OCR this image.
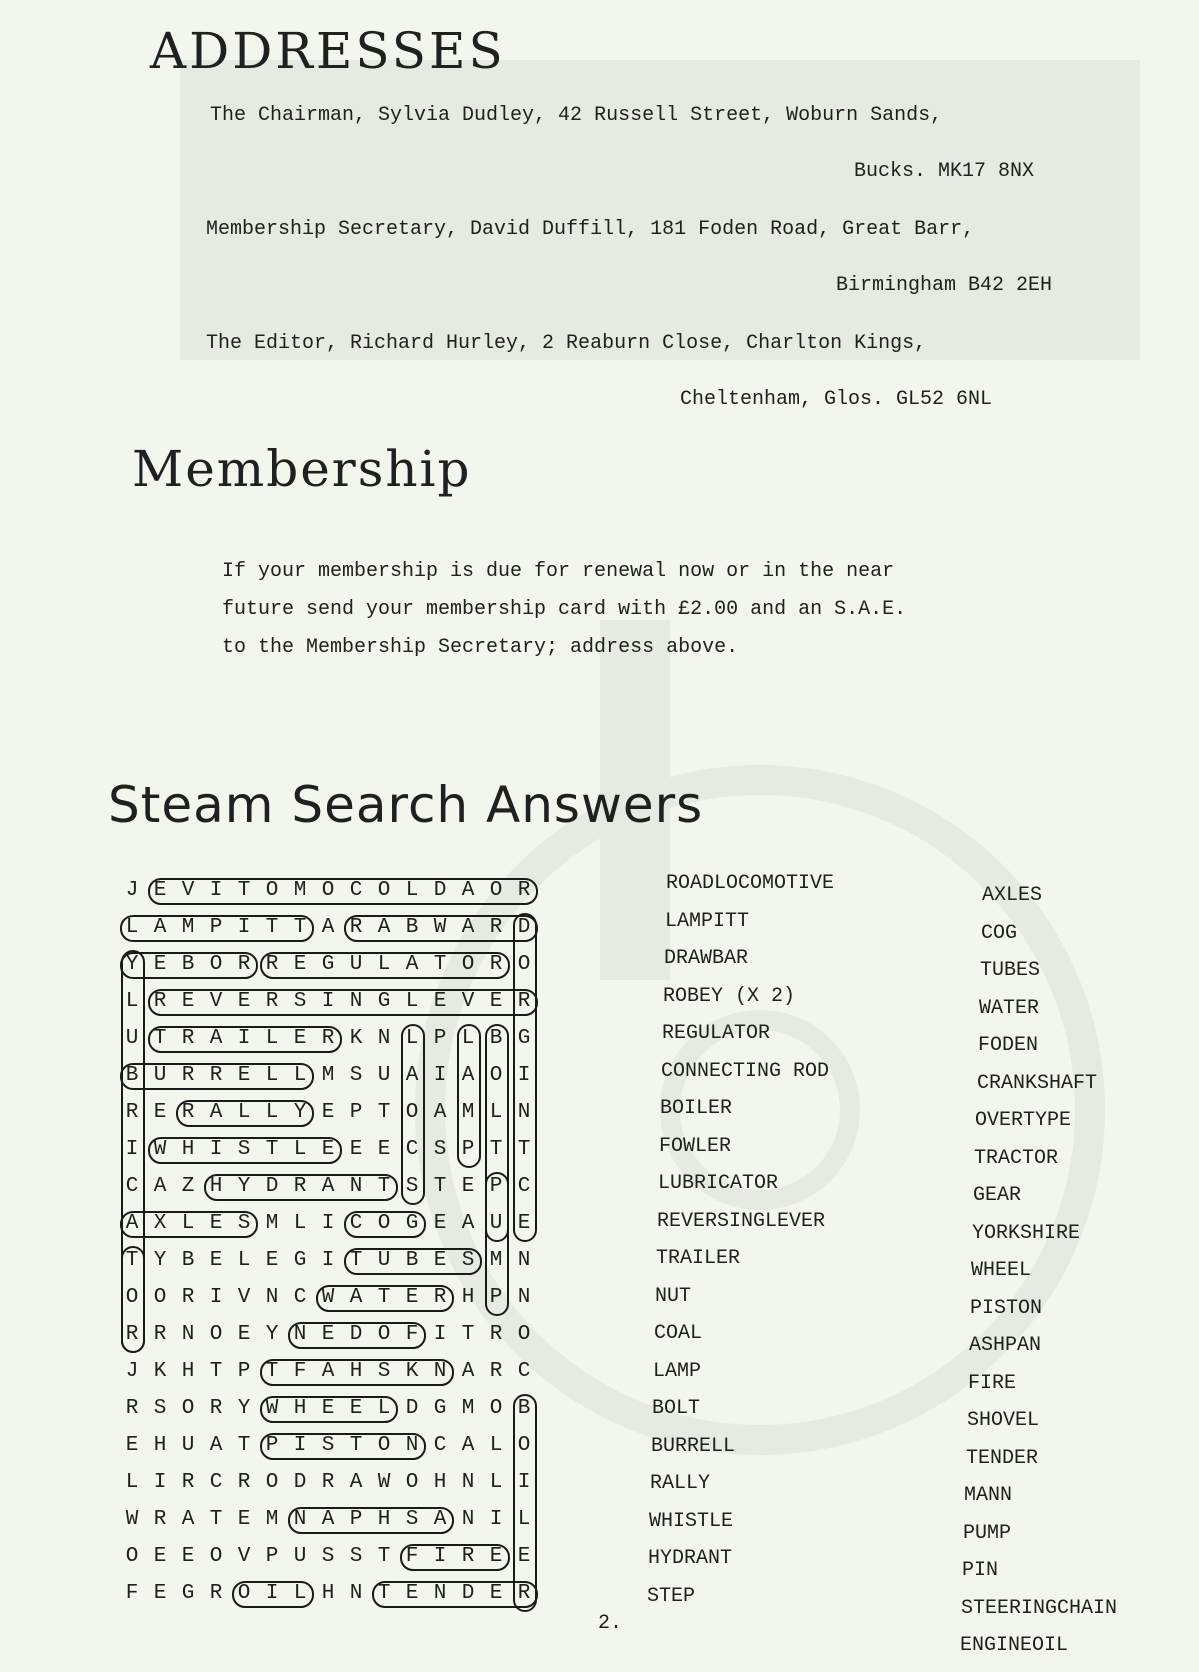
ADDRESSES
The Chairman, Sylvia Dudley, 42 Russell Street, Woburn Sands,
Bucks. MK17 8NX
Membership Secretary, David Duffill, 181 Foden Road, Great Barr,
Birmingham B42 2EH
The Editor, Richard Hurley, 2 Reaburn Close, Charlton Kings,
Cheltenham, Glos. GL52 6NL
Membership
If your membership is due for renewal now or in the near
future send your membership card with £2.00 and an S.A.E.
to the Membership Secretary; address above.
Steam Search Answers
J E V I T O M O C O L D A O R
L A M P I T T A R A B W A R D
Y E B O R R E G U L A T O R O
L R E V E R S I N G L E V E R
U T R A I L E R K N L P L B G
B U R R E L L M S U A I A O I
R E R A L L Y E P T O A M L N
I W H I S T L E E E C S P T T
C A Z H Y D R A N T S T E P C
A X L E S M L I C O G E A U E
T Y B E L E G I T U B E S M N
O O R I V N C W A T E R H P N
R R N O E Y N E D O F I T R O
J K H T P T F A H S K N A R C
R S O R Y W H E E L D G M O B
E H U A T P I S T O N C A L O
L I R C R O D R A W O H N L I
W R A T E M N A P H S A N I L
O E E O V P U S S T F I R E E
F E G R O I L H N T E N D E R
ROADLOCOMOTIVE
LAMPITT
DRAWBAR
ROBEY (X 2)
REGULATOR
CONNECTING ROD
BOILER
FOWLER
LUBRICATOR
REVERSINGLEVER
TRAILER
NUT
COAL
LAMP
BOLT
BURRELL
RALLY
WHISTLE
HYDRANT
STEP
AXLES
COG
TUBES
WATER
FODEN
CRANKSHAFT
OVERTYPE
TRACTOR
GEAR
YORKSHIRE
WHEEL
PISTON
ASHPAN
FIRE
SHOVEL
TENDER
MANN
PUMP
PIN
STEERINGCHAIN
ENGINEOIL
2.
